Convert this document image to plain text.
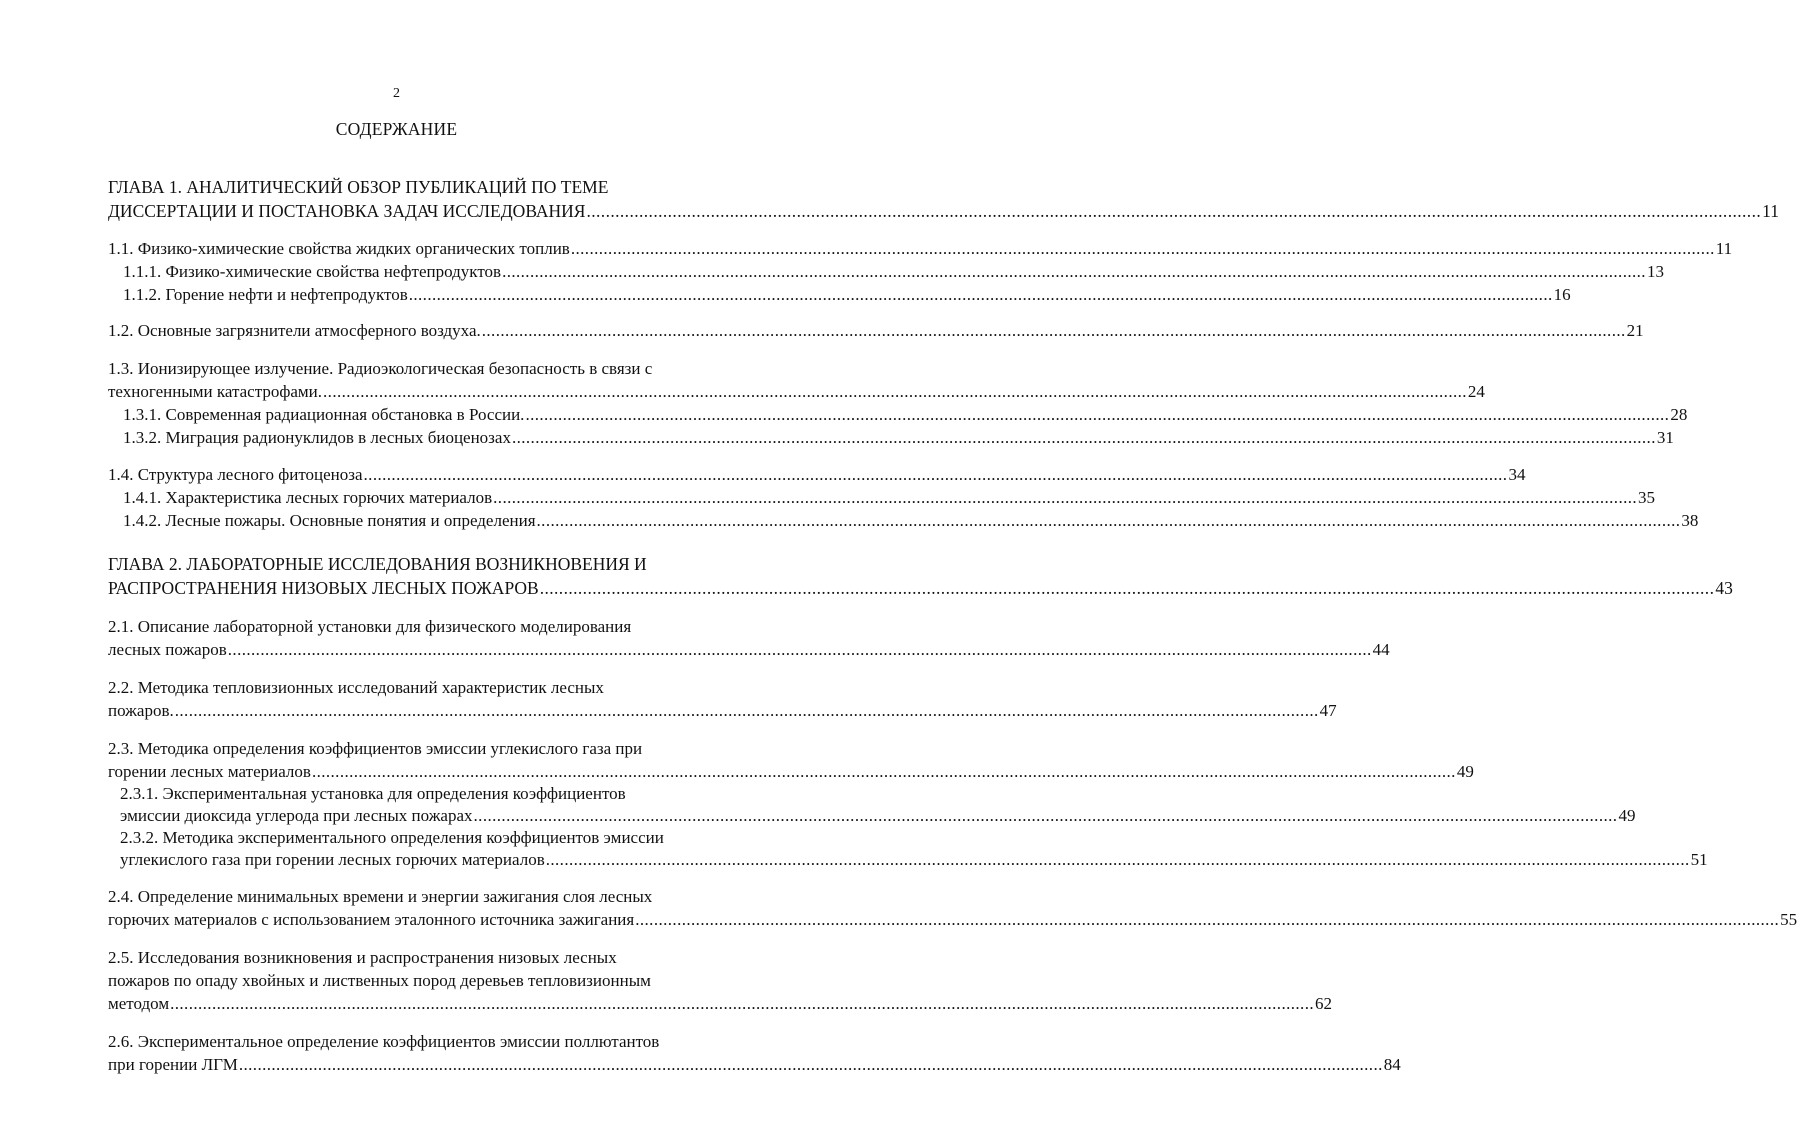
2
СОДЕРЖАНИЕ
ГЛАВА 1. АНАЛИТИЧЕСКИЙ ОБЗОР ПУБЛИКАЦИЙ ПО ТЕМЕ
ДИССЕРТАЦИИ И ПОСТАНОВКА ЗАДАЧ ИССЛЕДОВАНИЯ .....	11
1.1. Физико-химические свойства жидких органических топлив .....	11
1.1.1. Физико-химические свойства нефтепродуктов .....	13
1.1.2. Горение нефти и нефтепродуктов .....	16
1.2. Основные загрязнители атмосферного воздуха. .....	21
1.3. Ионизирующее излучение. Радиоэкологическая безопасность в связи с
техногенными катастрофами. .....	24
1.3.1. Современная радиационная обстановка в России. .....	28
1.3.2. Миграция радионуклидов в лесных биоценозах .....	31
1.4. Структура лесного фитоценоза .....	34
1.4.1. Характеристика лесных горючих материалов .....	35
1.4.2. Лесные пожары. Основные понятия и определения .....	38
ГЛАВА 2. ЛАБОРАТОРНЫЕ ИССЛЕДОВАНИЯ ВОЗНИКНОВЕНИЯ И
РАСПРОСТРАНЕНИЯ НИЗОВЫХ ЛЕСНЫХ ПОЖАРОВ .....	43
2.1. Описание лабораторной установки для физического моделирования
лесных пожаров .....	44
2.2. Методика тепловизионных исследований характеристик лесных
пожаров. .....	47
2.3. Методика определения коэффициентов эмиссии углекислого газа при
горении лесных материалов .....	49
2.3.1. Экспериментальная установка для определения коэффициентов
эмиссии диоксида углерода при лесных пожарах .....	49
2.3.2. Методика экспериментального определения коэффициентов эмиссии
углекислого газа при горении лесных горючих материалов .....	51
2.4. Определение минимальных времени и энергии зажигания слоя лесных
горючих материалов с использованием эталонного источника зажигания .....	55
2.5. Исследования возникновения и распространения низовых лесных
пожаров по опаду хвойных и лиственных пород деревьев тепловизионным
методом .....	62
2.6. Экспериментальное определение коэффициентов эмиссии поллютантов
при горении ЛГМ .....	84
